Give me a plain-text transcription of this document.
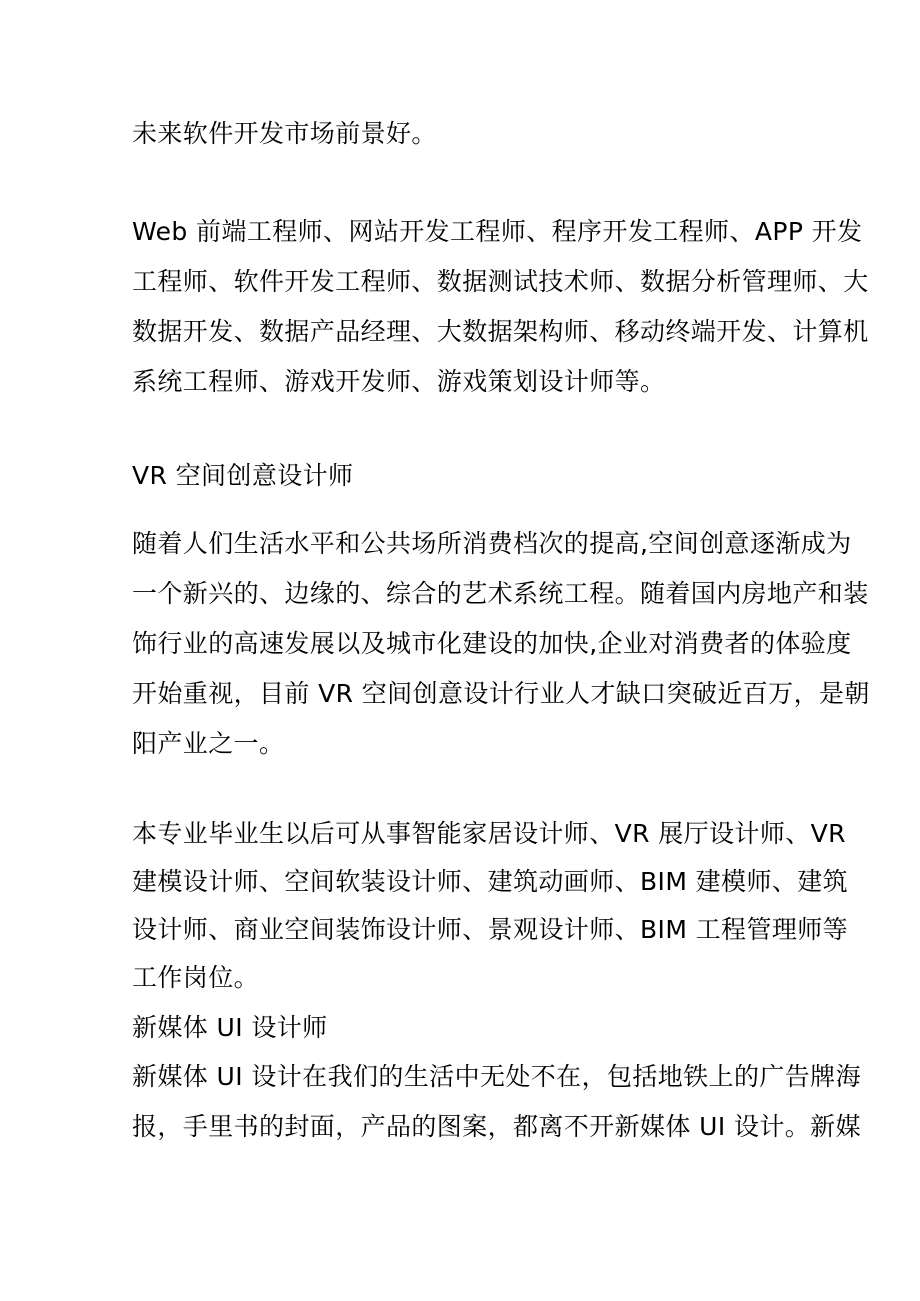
未来软件开发市场前景好。

Web 前端工程师、网站开发工程师、程序开发工程师、APP 开发

工程师、软件开发工程师、数据测试技术师、数据分析管理师、大

数据开发、数据产品经理、大数据架构师、移动终端开发、计算机

系统工程师、游戏开发师、游戏策划设计师等。

VR 空间创意设计师

随着人们生活水平和公共场所消费档次的提高,空间创意逐渐成为

一个新兴的、边缘的、综合的艺术系统工程。随着国内房地产和装

饰行业的高速发展以及城市化建设的加快,企业对消费者的体验度

开始重视，目前 VR 空间创意设计行业人才缺口突破近百万，是朝

阳产业之一。

本专业毕业生以后可从事智能家居设计师、VR 展厅设计师、VR

建模设计师、空间软装设计师、建筑动画师、BIM 建模师、建筑

设计师、商业空间装饰设计师、景观设计师、BIM 工程管理师等

工作岗位。

新媒体 UI 设计师

新媒体 UI 设计在我们的生活中无处不在，包括地铁上的广告牌海

报，手里书的封面，产品的图案，都离不开新媒体 UI 设计。新媒
